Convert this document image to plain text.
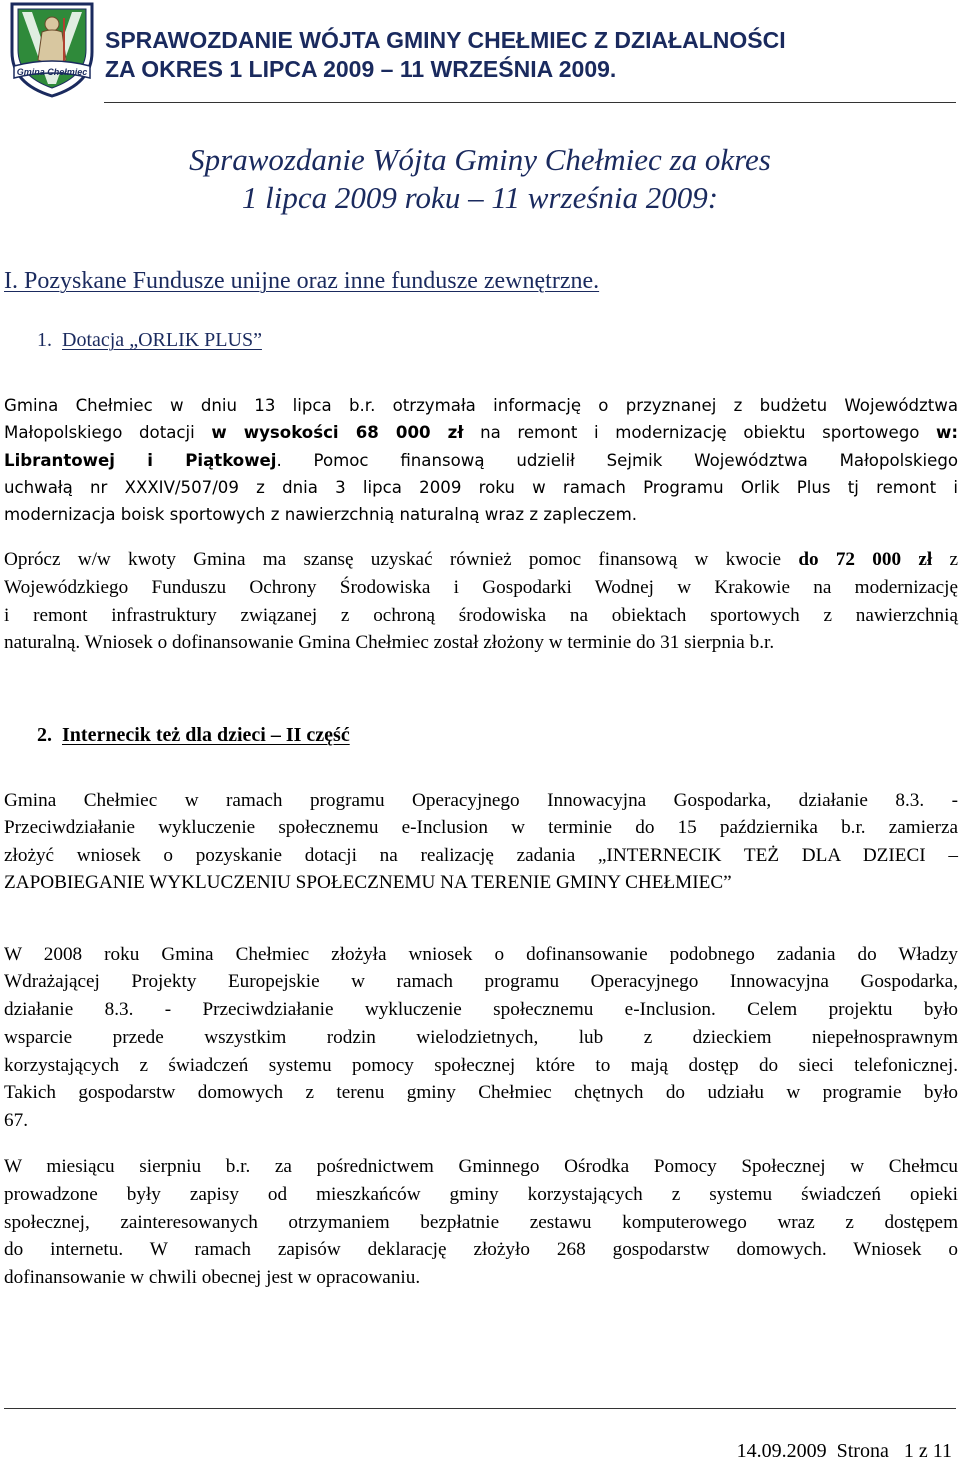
Gmina Chełmiec
SPRAWOZDANIE WÓJTA GMINY CHEŁMIEC Z DZIAŁALNOŚCI
ZA OKRES 1 LIPCA 2009 – 11 WRZEŚNIA 2009.
Sprawozdanie Wójta Gminy Chełmiec za okres
1 lipca 2009 roku – 11 września 2009:
I. Pozyskane Fundusze unijne oraz inne fundusze zewnętrzne.
1. Dotacja „ORLIK PLUS”
Gmina Chełmiec w dniu 13 lipca b.r. otrzymała informację o przyznanej z budżetu Województwa
Małopolskiego dotacji w wysokości 68 000 zł na remont i modernizację obiektu sportowego w:
Librantowej i Piątkowej. Pomoc finansową udzielił Sejmik Województwa Małopolskiego
uchwałą nr XXXIV/507/09 z dnia 3 lipca 2009 roku w ramach Programu Orlik Plus tj remont i
modernizacja boisk sportowych z nawierzchnią naturalną wraz z zapleczem.
Oprócz w/w kwoty Gmina ma szansę uzyskać również pomoc finansową w kwocie do 72 000 zł z
Wojewódzkiego Funduszu Ochrony Środowiska i Gospodarki Wodnej w Krakowie na modernizację
i remont infrastruktury związanej z ochroną środowiska na obiektach sportowych z nawierzchnią
naturalną. Wniosek o dofinansowanie Gmina Chełmiec został złożony w terminie do 31 sierpnia b.r.
2. Internecik też dla dzieci – II część
Gmina Chełmiec w ramach programu Operacyjnego Innowacyjna Gospodarka, działanie 8.3. -
Przeciwdziałanie wykluczenie społecznemu e-Inclusion w terminie do 15 października b.r. zamierza
złożyć wniosek o pozyskanie dotacji na realizację zadania „INTERNECIK TEŻ DLA DZIECI –
ZAPOBIEGANIE WYKLUCZENIU SPOŁECZNEMU NA TERENIE GMINY CHEŁMIEC”
W 2008 roku Gmina Chełmiec złożyła wniosek o dofinansowanie podobnego zadania do Władzy
Wdrażającej Projekty Europejskie w ramach programu Operacyjnego Innowacyjna Gospodarka,
działanie 8.3. - Przeciwdziałanie wykluczenie społecznemu e-Inclusion. Celem projektu było
wsparcie przede wszystkim rodzin wielodzietnych, lub z dzieckiem niepełnosprawnym
korzystających z świadczeń systemu pomocy społecznej które to mają dostęp do sieci telefonicznej.
Takich gospodarstw domowych z terenu gminy Chełmiec chętnych do udziału w programie było
67.
W miesiącu sierpniu b.r. za pośrednictwem Gminnego Ośrodka Pomocy Społecznej w Chełmcu
prowadzone były zapisy od mieszkańców gminy korzystających z systemu świadczeń opieki
społecznej, zainteresowanych otrzymaniem bezpłatnie zestawu komputerowego wraz z dostępem
do internetu. W ramach zapisów deklarację złożyło 268 gospodarstw domowych. Wniosek o
dofinansowanie w chwili obecnej jest w opracowaniu.
14.09.2009 Strona 1 z 11
